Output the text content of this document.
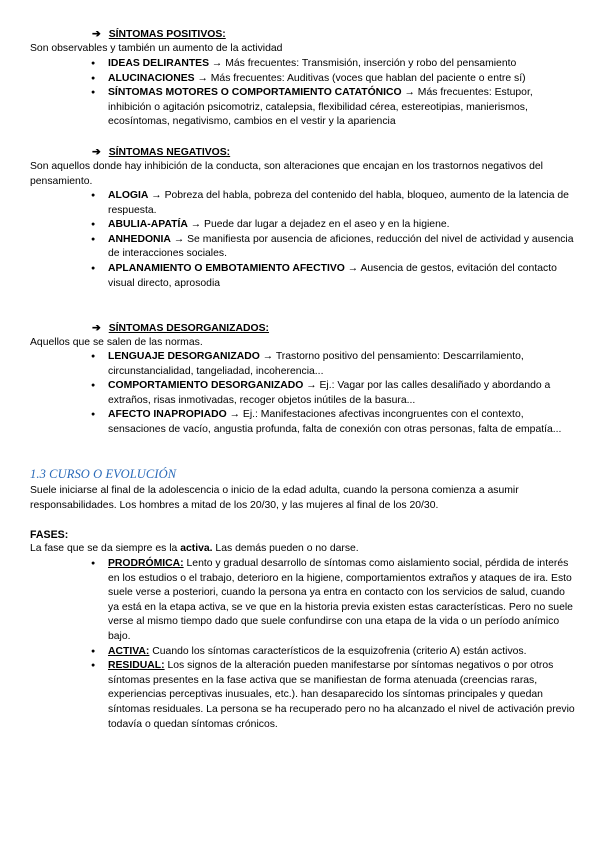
➔ SÍNTOMAS POSITIVOS:
Son observables y también un aumento de la actividad
● IDEAS DELIRANTES → Más frecuentes: Transmisión, inserción y robo del pensamiento
● ALUCINACIONES → Más frecuentes: Auditivas (voces que hablan del paciente o entre sí)
● SÍNTOMAS MOTORES O COMPORTAMIENTO CATATÓNICO → Más frecuentes: Estupor, inhibición o agitación psicomotriz, catalepsia, flexibilidad cérea, estereotipias, manierismos, ecosíntomas, negativismo, cambios en el vestir y la apariencia
➔ SÍNTOMAS NEGATIVOS:
Son aquellos donde hay inhibición de la conducta, son alteraciones que encajan en los trastornos negativos del pensamiento.
● ALOGIA → Pobreza del habla, pobreza del contenido del habla, bloqueo, aumento de la latencia de respuesta.
● ABULIA-APATÍA → Puede dar lugar a dejadez en el aseo y en la higiene.
● ANHEDONIA → Se manifiesta por ausencia de aficiones, reducción del nivel de actividad y ausencia de interacciones sociales.
● APLANAMIENTO O EMBOTAMIENTO AFECTIVO → Ausencia de gestos, evitación del contacto visual directo, aprosodia
➔ SÍNTOMAS DESORGANIZADOS:
Aquellos que se salen de las normas.
● LENGUAJE DESORGANIZADO → Trastorno positivo del pensamiento: Descarrilamiento, circunstancialidad, tangeliadad, incoherencia...
● COMPORTAMIENTO DESORGANIZADO → Ej.: Vagar por las calles desaliñado y abordando a extraños, risas inmotivadas, recoger objetos inútiles de la basura...
● AFECTO INAPROPIADO → Ej.: Manifestaciones afectivas incongruentes con el contexto, sensaciones de vacío, angustia profunda, falta de conexión con otras personas, falta de empatía...
1.3 CURSO O EVOLUCIÓN
Suele iniciarse al final de la adolescencia o inicio de la edad adulta, cuando la persona comienza a asumir responsabilidades. Los hombres a mitad de los 20/30, y las mujeres al final de los 20/30.
FASES:
La fase que se da siempre es la activa. Las demás pueden o no darse.
● PRODRÓMICA: Lento y gradual desarrollo de síntomas como aislamiento social, pérdida de interés en los estudios o el trabajo, deterioro en la higiene, comportamientos extraños y ataques de ira. Esto suele verse a posteriori, cuando la persona ya entra en contacto con los servicios de salud, cuando ya está en la etapa activa, se ve que en la historia previa existen estas características. Pero no suele verse al mismo tiempo dado que suele confundirse con una etapa de la vida o un período anímico bajo.
● ACTIVA: Cuando los síntomas característicos de la esquizofrenia (criterio A) están activos.
● RESIDUAL: Los signos de la alteración pueden manifestarse por síntomas negativos o por otros síntomas presentes en la fase activa que se manifiestan de forma atenuada (creencias raras, experiencias perceptivas inusuales, etc.). han desaparecido los síntomas principales y quedan síntomas residuales. La persona se ha recuperado pero no ha alcanzado el nivel de activación previo todavía o quedan síntomas crónicos.
